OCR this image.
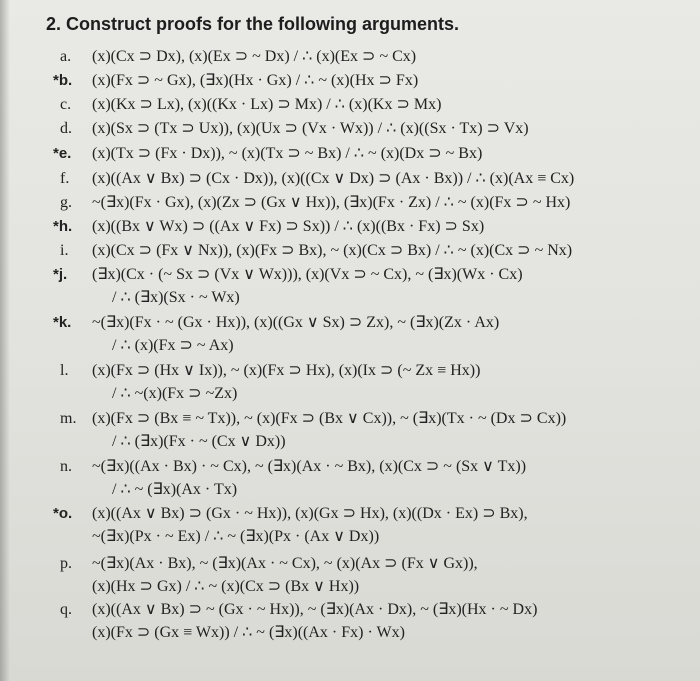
2. Construct proofs for the following arguments.
a. (x)(Cx ⊃ Dx), (x)(Ex ⊃ ~ Dx) / ∴ (x)(Ex ⊃ ~ Cx)
*b. (x)(Fx ⊃ ~ Gx), (∃x)(Hx · Gx) / ∴ ~ (x)(Hx ⊃ Fx)
c. (x)(Kx ⊃ Lx), (x)((Kx · Lx) ⊃ Mx) / ∴ (x)(Kx ⊃ Mx)
d. (x)(Sx ⊃ (Tx ⊃ Ux)), (x)(Ux ⊃ (Vx · Wx)) / ∴ (x)((Sx · Tx) ⊃ Vx)
*e. (x)(Tx ⊃ (Fx · Dx)), ~ (x)(Tx ⊃ ~ Bx) / ∴ ~ (x)(Dx ⊃ ~ Bx)
f. (x)((Ax ∨ Bx) ⊃ (Cx · Dx)), (x)((Cx ∨ Dx) ⊃ (Ax · Bx)) / ∴ (x)(Ax ≡ Cx)
g. ~(∃x)(Fx · Gx), (x)(Zx ⊃ (Gx ∨ Hx)), (∃x)(Fx · Zx) / ∴ ~ (x)(Fx ⊃ ~ Hx)
*h. (x)((Bx ∨ Wx) ⊃ ((Ax ∨ Fx) ⊃ Sx)) / ∴ (x)((Bx · Fx) ⊃ Sx)
i. (x)(Cx ⊃ (Fx ∨ Nx)), (x)(Fx ⊃ Bx), ~ (x)(Cx ⊃ Bx) / ∴ ~ (x)(Cx ⊃ ~ Nx)
*j. (∃x)(Cx · (~ Sx ⊃ (Vx ∨ Wx))), (x)(Vx ⊃ ~ Cx), ~ (∃x)(Wx · Cx)
/ ∴ (∃x)(Sx · ~ Wx)
*k. ~(∃x)(Fx · ~ (Gx · Hx)), (x)((Gx ∨ Sx) ⊃ Zx), ~ (∃x)(Zx · Ax)
/ ∴ (x)(Fx ⊃ ~ Ax)
l. (x)(Fx ⊃ (Hx ∨ Ix)), ~ (x)(Fx ⊃ Hx), (x)(Ix ⊃ (~ Zx ≡ Hx))
/ ∴ ~(x)(Fx ⊃ ~Zx)
m. (x)(Fx ⊃ (Bx ≡ ~ Tx)), ~ (x)(Fx ⊃ (Bx ∨ Cx)), ~ (∃x)(Tx · ~ (Dx ⊃ Cx))
/ ∴ (∃x)(Fx · ~ (Cx ∨ Dx))
n. ~(∃x)((Ax · Bx) · ~ Cx), ~ (∃x)(Ax · ~ Bx), (x)(Cx ⊃ ~ (Sx ∨ Tx))
/ ∴ ~ (∃x)(Ax · Tx)
*o. (x)((Ax ∨ Bx) ⊃ (Gx · ~ Hx)), (x)(Gx ⊃ Hx), (x)((Dx · Ex) ⊃ Bx),
~(∃x)(Px · ~ Ex) / ∴ ~ (∃x)(Px · (Ax ∨ Dx))
p. ~(∃x)(Ax · Bx), ~ (∃x)(Ax · ~ Cx), ~ (x)(Ax ⊃ (Fx ∨ Gx)),
(x)(Hx ⊃ Gx) / ∴ ~ (x)(Cx ⊃ (Bx ∨ Hx))
q. (x)((Ax ∨ Bx) ⊃ ~ (Gx · ~ Hx)), ~ (∃x)(Ax · Dx), ~ (∃x)(Hx · ~ Dx)
(x)(Fx ⊃ (Gx ≡ Wx)) / ∴ ~ (∃x)((Ax · Fx) · Wx)
